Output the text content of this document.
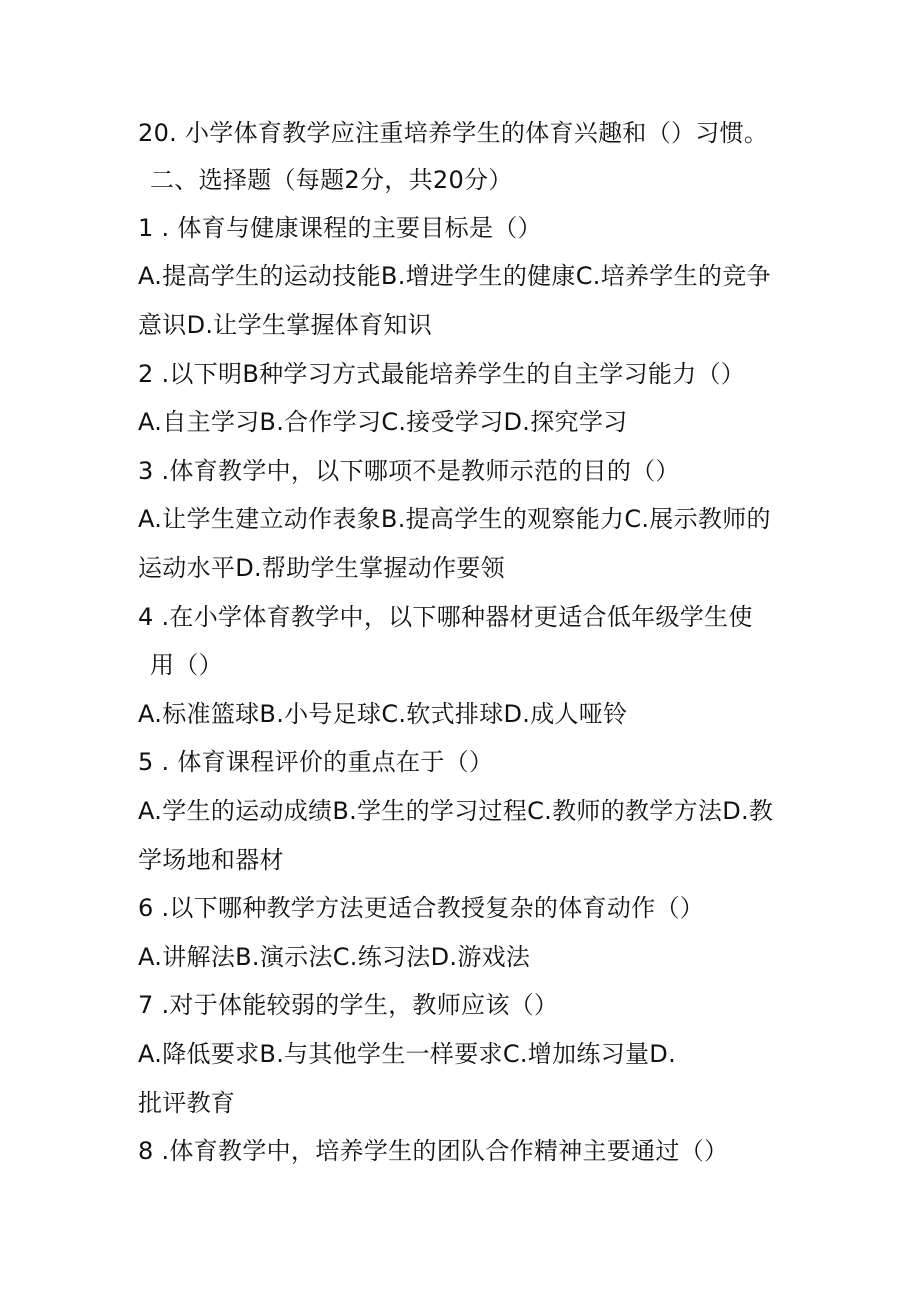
20. 小学体育教学应注重培养学生的体育兴趣和（）习惯。
二、选择题（每题2分，共20分）
1 . 体育与健康课程的主要目标是（）
A.提高学生的运动技能B.增进学生的健康C.培养学生的竞争
意识D.让学生掌握体育知识
2 .以下明B种学习方式最能培养学生的自主学习能力（）
A.自主学习B.合作学习C.接受学习D.探究学习
3 .体育教学中，以下哪项不是教师示范的目的（）
A.让学生建立动作表象B.提高学生的观察能力C.展示教师的
运动水平D.帮助学生掌握动作要领
4 .在小学体育教学中，以下哪种器材更适合低年级学生使
用（）
A.标准篮球B.小号足球C.软式排球D.成人哑铃
5 . 体育课程评价的重点在于（）
A.学生的运动成绩B.学生的学习过程C.教师的教学方法D.教
学场地和器材
6 .以下哪种教学方法更适合教授复杂的体育动作（）
A.讲解法B.演示法C.练习法D.游戏法
7 .对于体能较弱的学生，教师应该（）
A.降低要求B.与其他学生一样要求C.增加练习量D.
批评教育
8 .体育教学中，培养学生的团队合作精神主要通过（）
